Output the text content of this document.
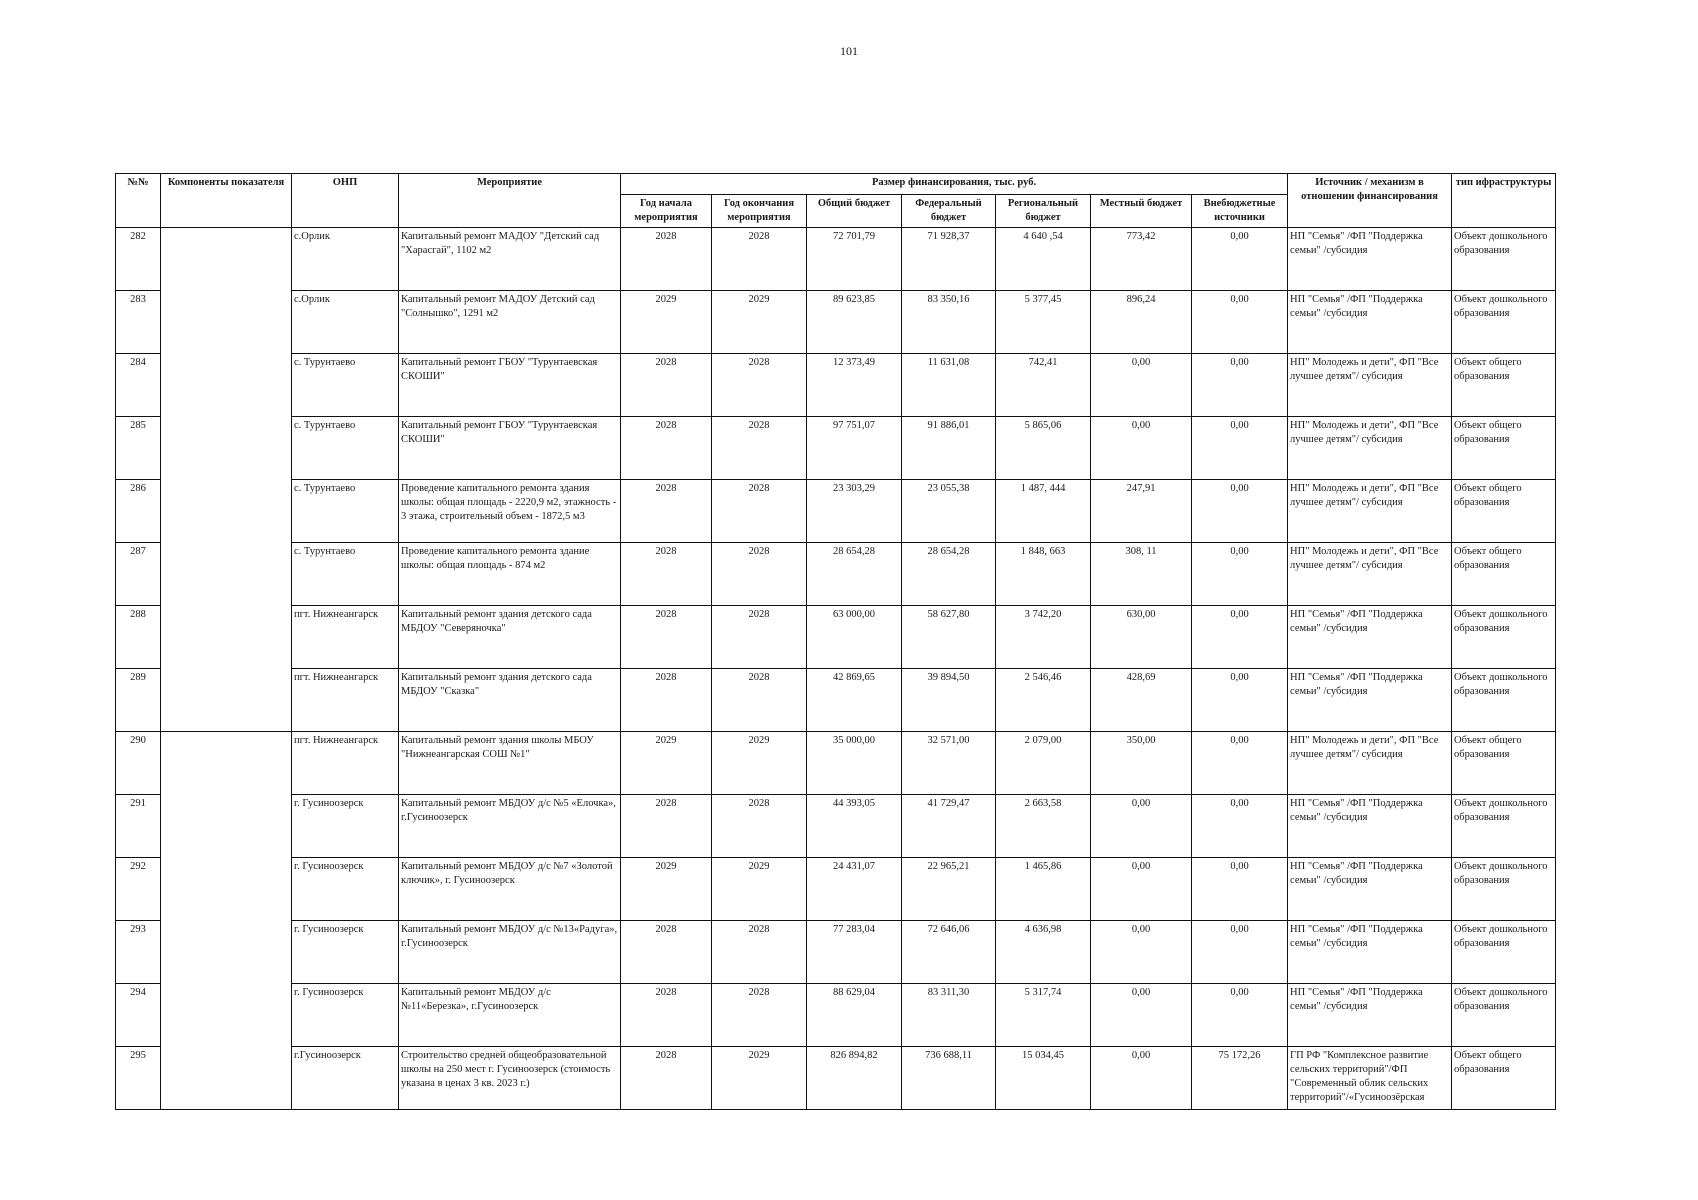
101
№№	Компоненты показателя	ОНП	Мероприятие	Размер финансирования, тыс. руб.							Источник / механизм в отношении финансирования	тип ифраструктуры
				Год начала мероприятия	Год окончания мероприятия	Общий бюджет	Федеральный бюджет	Региональный бюджет	Местный бюджет	Внебюджетные источники		
282		с.Орлик	Капитальный ремонт МАДОУ "Детский сад "Харасгай", 1102 м2	2028	2028	72 701,79	71 928,37	4 640 ,54	773,42	0,00	НП "Семья" /ФП "Поддержка семьи" /субсидия	Объект дошкольного образования
283		с.Орлик	Капитальный ремонт МАДОУ Детский сад "Солнышко", 1291 м2	2029	2029	89 623,85	83 350,16	5 377,45	896,24	0,00	НП "Семья" /ФП "Поддержка семьи" /субсидия	Объект дошкольного образования
284		с. Турунтаево	Капитальный ремонт ГБОУ "Турунтаевская СКОШИ"	2028	2028	12 373,49	11 631,08	742,41	0,00	0,00	НП" Молодежь и дети", ФП "Все лучшее детям"/ субсидия	Объект общего образования
285		с. Турунтаево	Капитальный ремонт ГБОУ "Турунтаевская СКОШИ"	2028	2028	97 751,07	91 886,01	5 865,06	0,00	0,00	НП" Молодежь и дети", ФП "Все лучшее детям"/ субсидия	Объект общего образования
286		с. Турунтаево	Проведение капитального ремонта здания школы: общая площадь - 2220,9 м2, этажность - 3 этажа, строительный объем - 1872,5 м3	2028	2028	23 303,29	23 055,38	1 487, 444	247,91	0,00	НП" Молодежь и дети", ФП "Все лучшее детям"/ субсидия	Объект общего образования
287		с. Турунтаево	Проведение капитального ремонта здание школы: общая площадь - 874 м2	2028	2028	28 654,28	28 654,28	1 848, 663	308, 11	0,00	НП" Молодежь и дети", ФП "Все лучшее детям"/ субсидия	Объект общего образования
288		пгт. Нижнеангарск	Капитальный ремонт здания детского сада МБДОУ "Северяночка"	2028	2028	63 000,00	58 627,80	3 742,20	630,00	0,00	НП "Семья" /ФП "Поддержка семьи" /субсидия	Объект дошкольного образования
289		пгт. Нижнеангарск	Капитальный ремонт здания детского сада МБДОУ "Сказка"	2028	2028	42 869,65	39 894,50	2 546,46	428,69	0,00	НП "Семья" /ФП "Поддержка семьи" /субсидия	Объект дошкольного образования
290		пгт. Нижнеангарск	Капитальный ремонт здания школы МБОУ "Нижнеангарская СОШ №1"	2029	2029	35 000,00	32 571,00	2 079,00	350,00	0,00	НП" Молодежь и дети", ФП "Все лучшее детям"/ субсидия	Объект общего образования
291		г. Гусиноозерск	Капитальный ремонт МБДОУ д/с №5 «Елочка», г.Гусиноозерск	2028	2028	44 393,05	41 729,47	2 663,58	0,00	0,00	НП "Семья" /ФП "Поддержка семьи" /субсидия	Объект дошкольного образования
292		г. Гусиноозерск	Капитальный ремонт МБДОУ д/с №7 «Золотой ключик», г. Гусиноозерск	2029	2029	24 431,07	22 965,21	1 465,86	0,00	0,00	НП "Семья" /ФП "Поддержка семьи" /субсидия	Объект дошкольного образования
293		г. Гусиноозерск	Капитальный ремонт МБДОУ д/с №13«Радуга», г.Гусиноозерск	2028	2028	77 283,04	72 646,06	4 636,98	0,00	0,00	НП "Семья" /ФП "Поддержка семьи" /субсидия	Объект дошкольного образования
294		г. Гусиноозерск	Капитальный ремонт МБДОУ д/с №11«Березка», г.Гусиноозерск	2028	2028	88 629,04	83 311,30	5 317,74	0,00	0,00	НП "Семья" /ФП "Поддержка семьи" /субсидия	Объект дошкольного образования
295		г.Гусиноозерск	Строительство средней общеобразовательной школы на 250 мест г. Гусиноозерск (стоимость указана в ценах 3 кв. 2023 г.)	2028	2029	826 894,82	736 688,11	15 034,45	0,00	75 172,26	ГП РФ "Комплексное развитие сельских территорий"/ФП "Современный облик сельских территорий"/«Гусиноозёрская	Объект общего образования
